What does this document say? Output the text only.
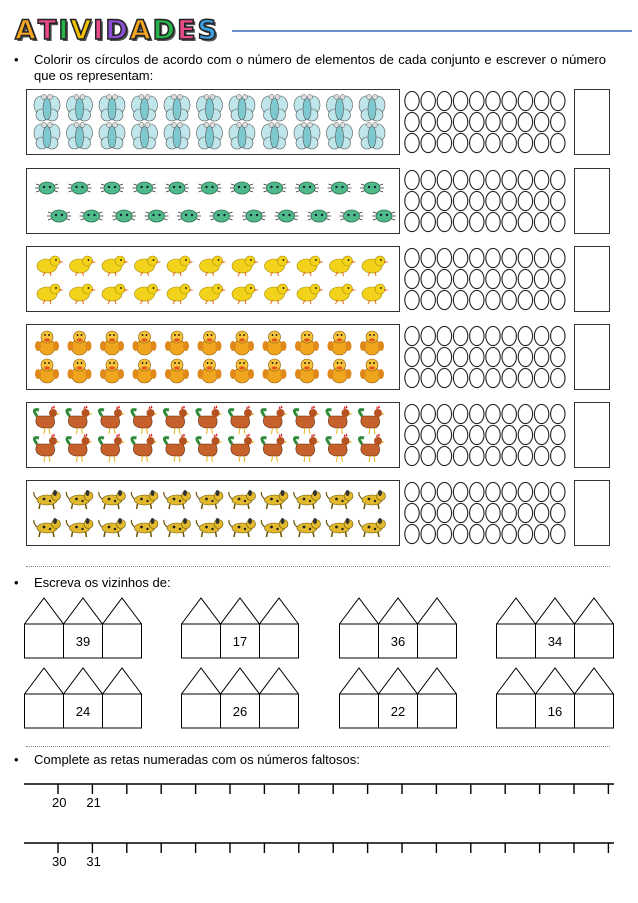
A T I V I D A D E S
• Colorir os círculos de acordo com o número de elementos de cada conjunto e escrever o número que os representam:
• Escreva os vizinhos de:
39	17	36	34
24	26	22	16
• Complete as retas numeradas com os números faltosos:
20 21
30 31
